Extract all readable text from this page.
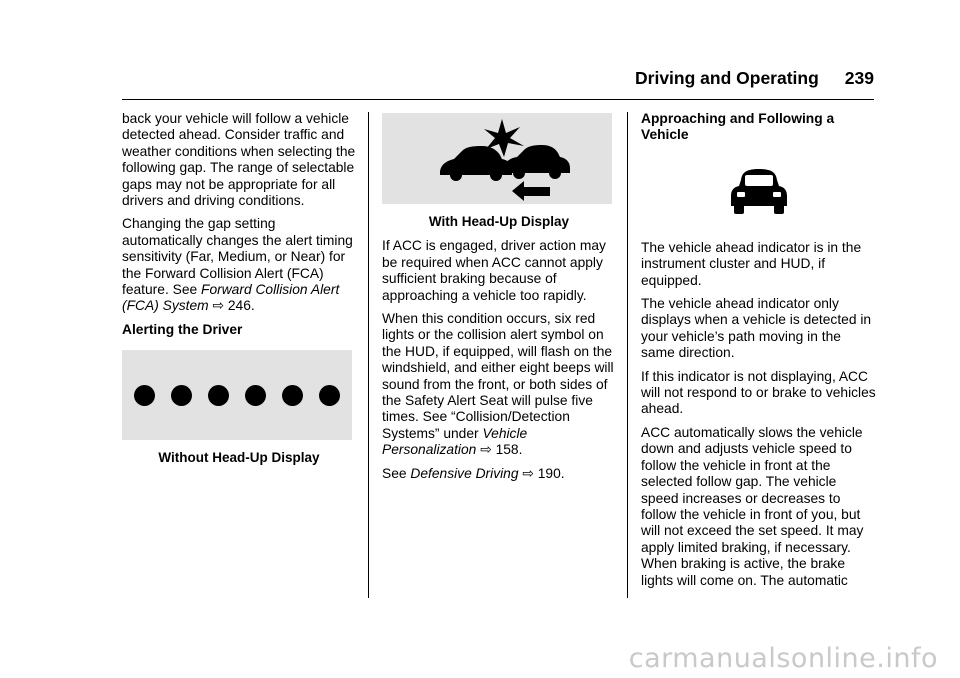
Driving and Operating 239

back your vehicle will follow a vehicle detected ahead. Consider traffic and weather conditions when selecting the following gap. The range of selectable gaps may not be appropriate for all drivers and driving conditions.

Changing the gap setting automatically changes the alert timing sensitivity (Far, Medium, or Near) for the Forward Collision Alert (FCA) feature. See Forward Collision Alert (FCA) System ⇨ 246.

Alerting the Driver
Without Head-Up Display
With Head-Up Display

If ACC is engaged, driver action may be required when ACC cannot apply sufficient braking because of approaching a vehicle too rapidly.

When this condition occurs, six red lights or the collision alert symbol on the HUD, if equipped, will flash on the windshield, and either eight beeps will sound from the front, or both sides of the Safety Alert Seat will pulse five times. See “Collision/Detection Systems” under Vehicle Personalization ⇨ 158.

See Defensive Driving ⇨ 190.

Approaching and Following a Vehicle

The vehicle ahead indicator is in the instrument cluster and HUD, if equipped.

The vehicle ahead indicator only displays when a vehicle is detected in your vehicle’s path moving in the same direction.

If this indicator is not displaying, ACC will not respond to or brake to vehicles ahead.

ACC automatically slows the vehicle down and adjusts vehicle speed to follow the vehicle in front at the selected follow gap. The vehicle speed increases or decreases to follow the vehicle in front of you, but will not exceed the set speed. It may apply limited braking, if necessary. When braking is active, the brake lights will come on. The automatic

carmanualsonline.info
